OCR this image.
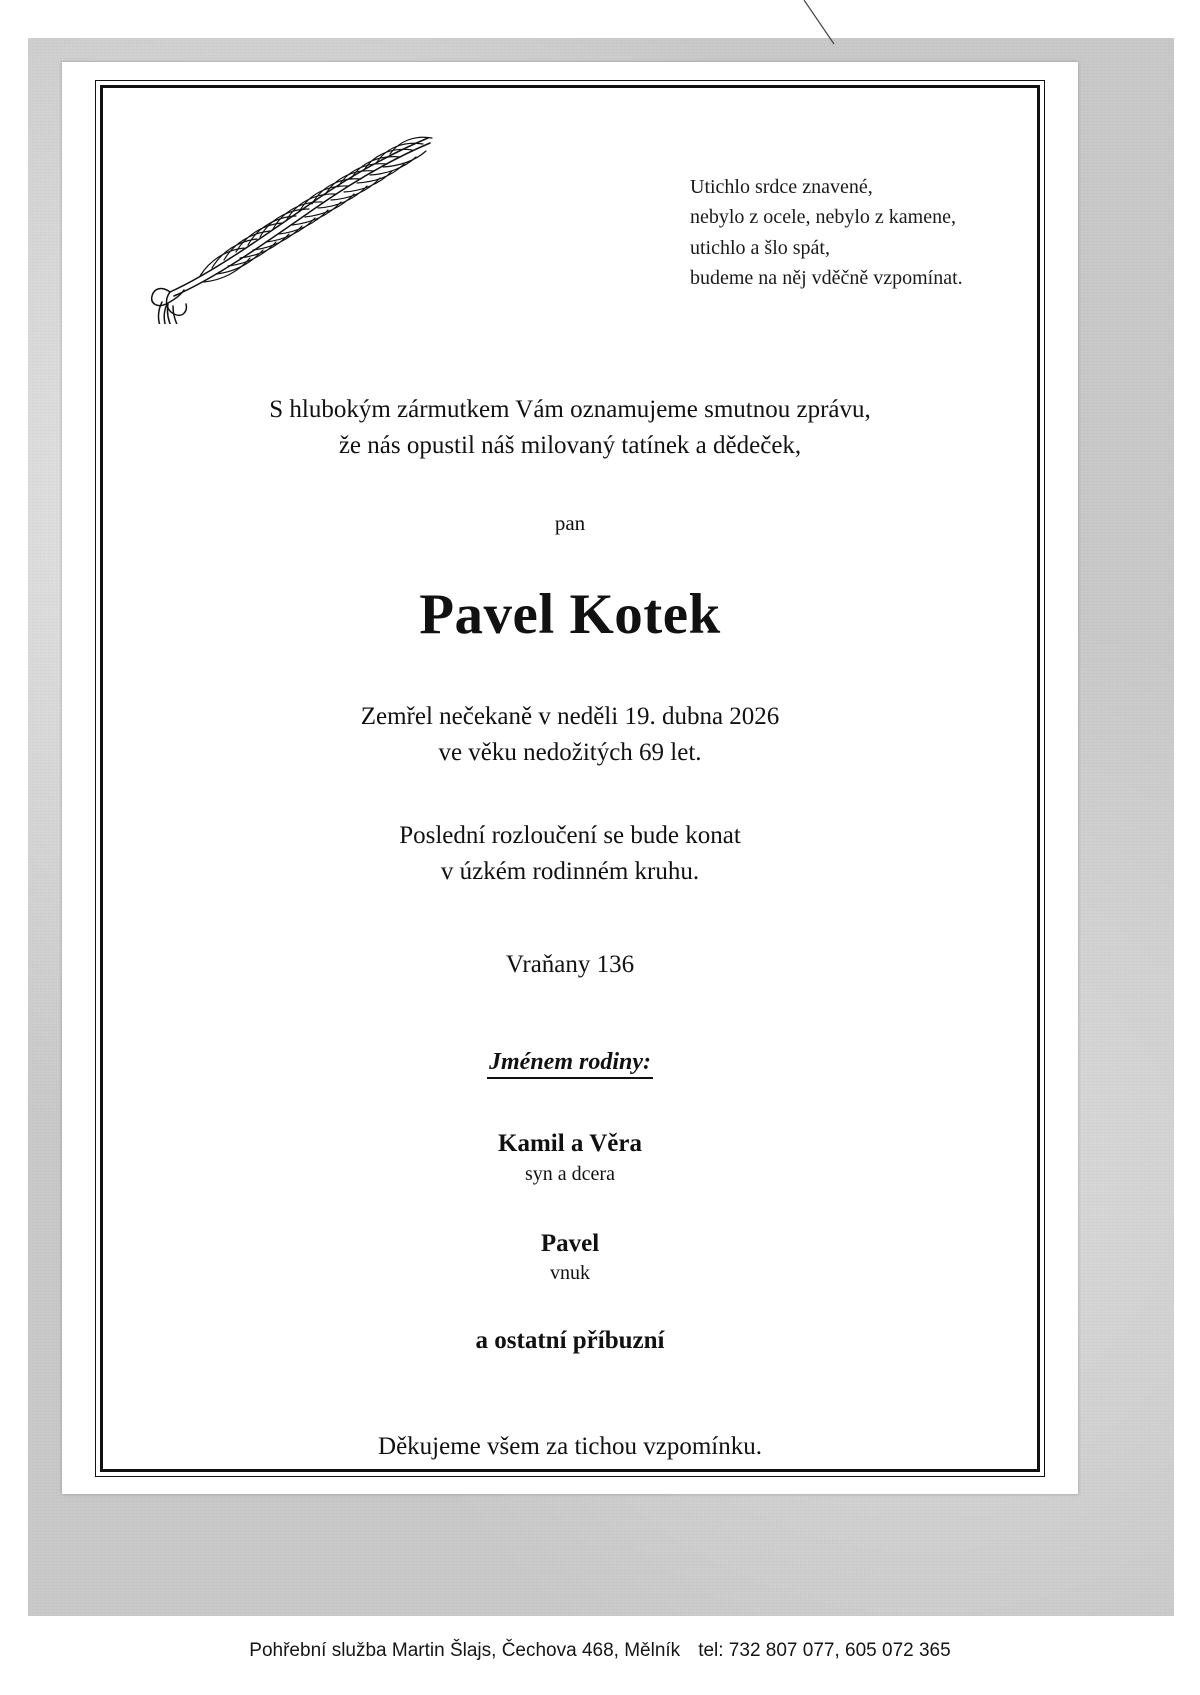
Utichlo srdce znavené,
nebylo z ocele, nebylo z kamene,
utichlo a šlo spát,
budeme na něj vděčně vzpomínat.
S hlubokým zármutkem Vám oznamujeme smutnou zprávu,
že nás opustil náš milovaný tatínek a dědeček,
pan
Pavel Kotek
Zemřel nečekaně v neděli 19. dubna 2026
ve věku nedožitých 69 let.
Poslední rozloučení se bude konat
v úzkém rodinném kruhu.
Vraňany 136
Jménem rodiny:
Kamil a Věra
syn a dcera
Pavel
vnuk
a ostatní příbuzní
Děkujeme všem za tichou vzpomínku.
Pohřební služba Martin Šlajs, Čechova 468, Mělník tel: 732 807 077, 605 072 365
